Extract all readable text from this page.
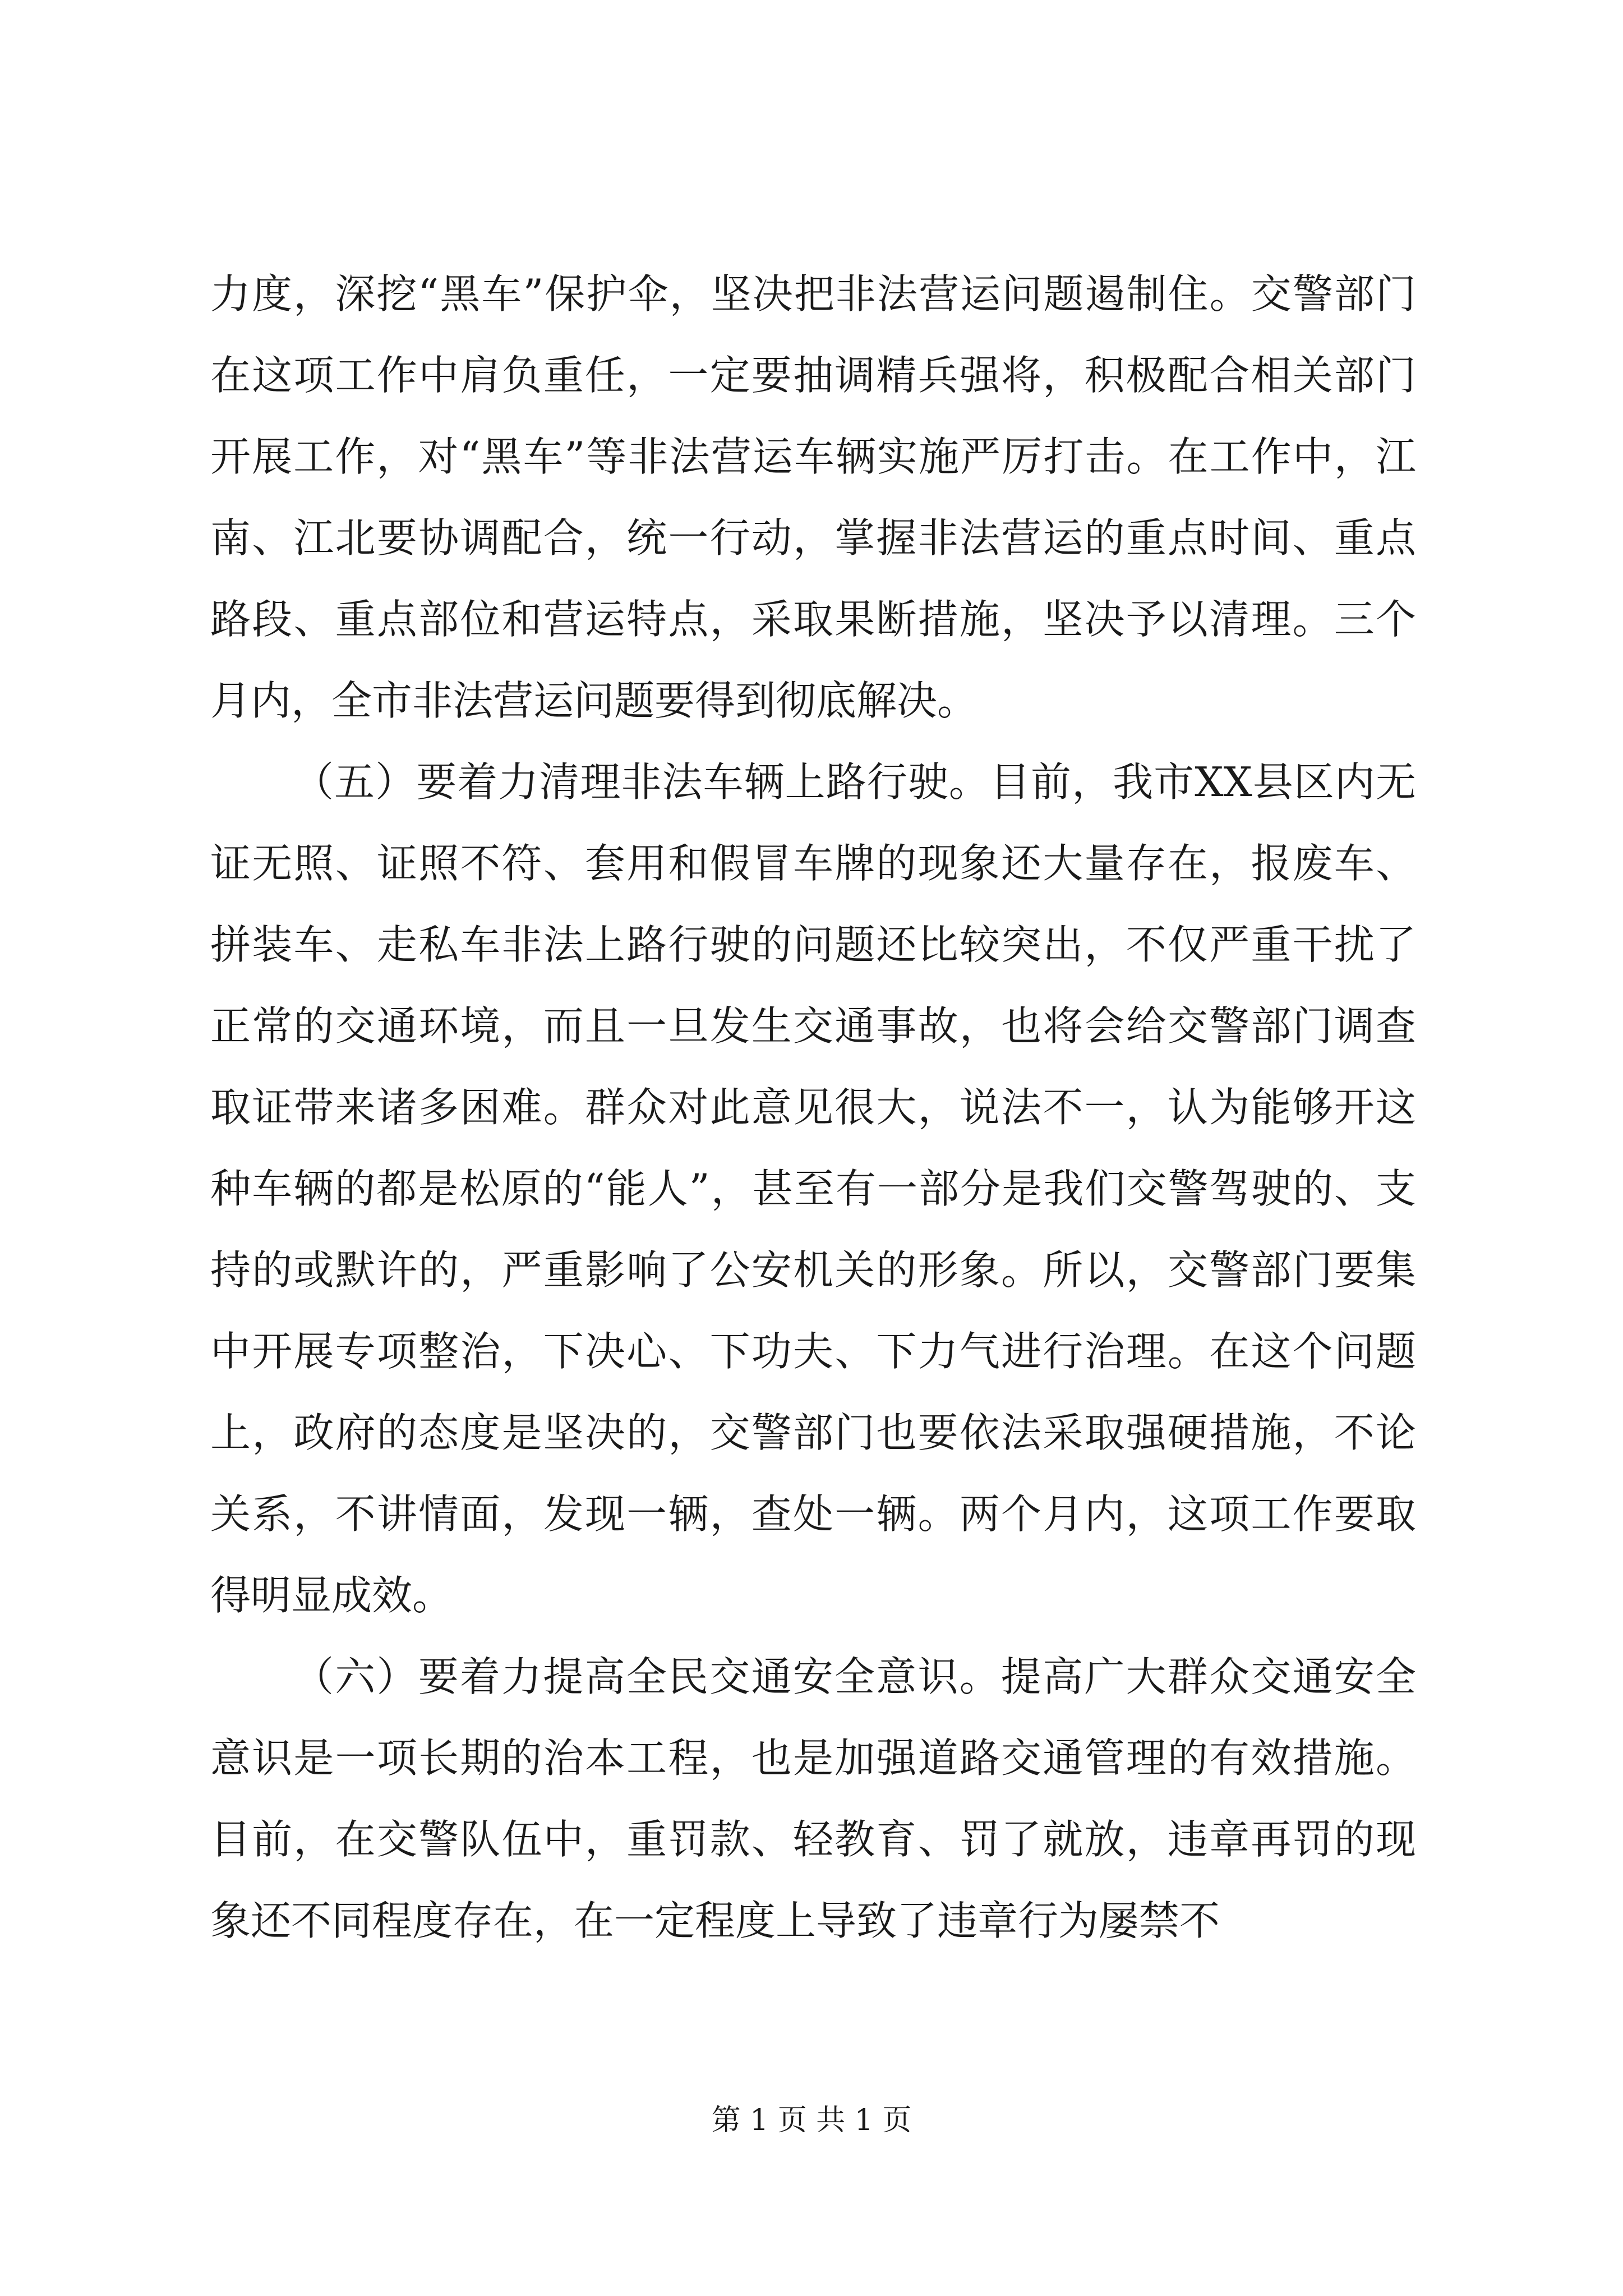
力度，深挖“黑车”保护伞，坚决把非法营运问题遏制住。交警部门在这项工作中肩负重任，一定要抽调精兵强将，积极配合相关部门开展工作，对“黑车”等非法营运车辆实施严厉打击。在工作中，江南、江北要协调配合，统一行动，掌握非法营运的重点时间、重点路段、重点部位和营运特点，采取果断措施，坚决予以清理。三个月内，全市非法营运问题要得到彻底解决。

（五）要着力清理非法车辆上路行驶。目前，我市XX县区内无证无照、证照不符、套用和假冒车牌的现象还大量存在，报废车、拼装车、走私车非法上路行驶的问题还比较突出，不仅严重干扰了正常的交通环境，而且一旦发生交通事故，也将会给交警部门调查取证带来诸多困难。群众对此意见很大，说法不一，认为能够开这种车辆的都是松原的“能人”，甚至有一部分是我们交警驾驶的、支持的或默许的，严重影响了公安机关的形象。所以，交警部门要集中开展专项整治，下决心、下功夫、下力气进行治理。在这个问题上，政府的态度是坚决的，交警部门也要依法采取强硬措施，不论关系，不讲情面，发现一辆，查处一辆。两个月内，这项工作要取得明显成效。

（六）要着力提高全民交通安全意识。提高广大群众交通安全意识是一项长期的治本工程，也是加强道路交通管理的有效措施。目前，在交警队伍中，重罚款、轻教育、罚了就放，违章再罚的现象还不同程度存在，在一定程度上导致了违章行为屡禁不

第 1 页 共 1 页
